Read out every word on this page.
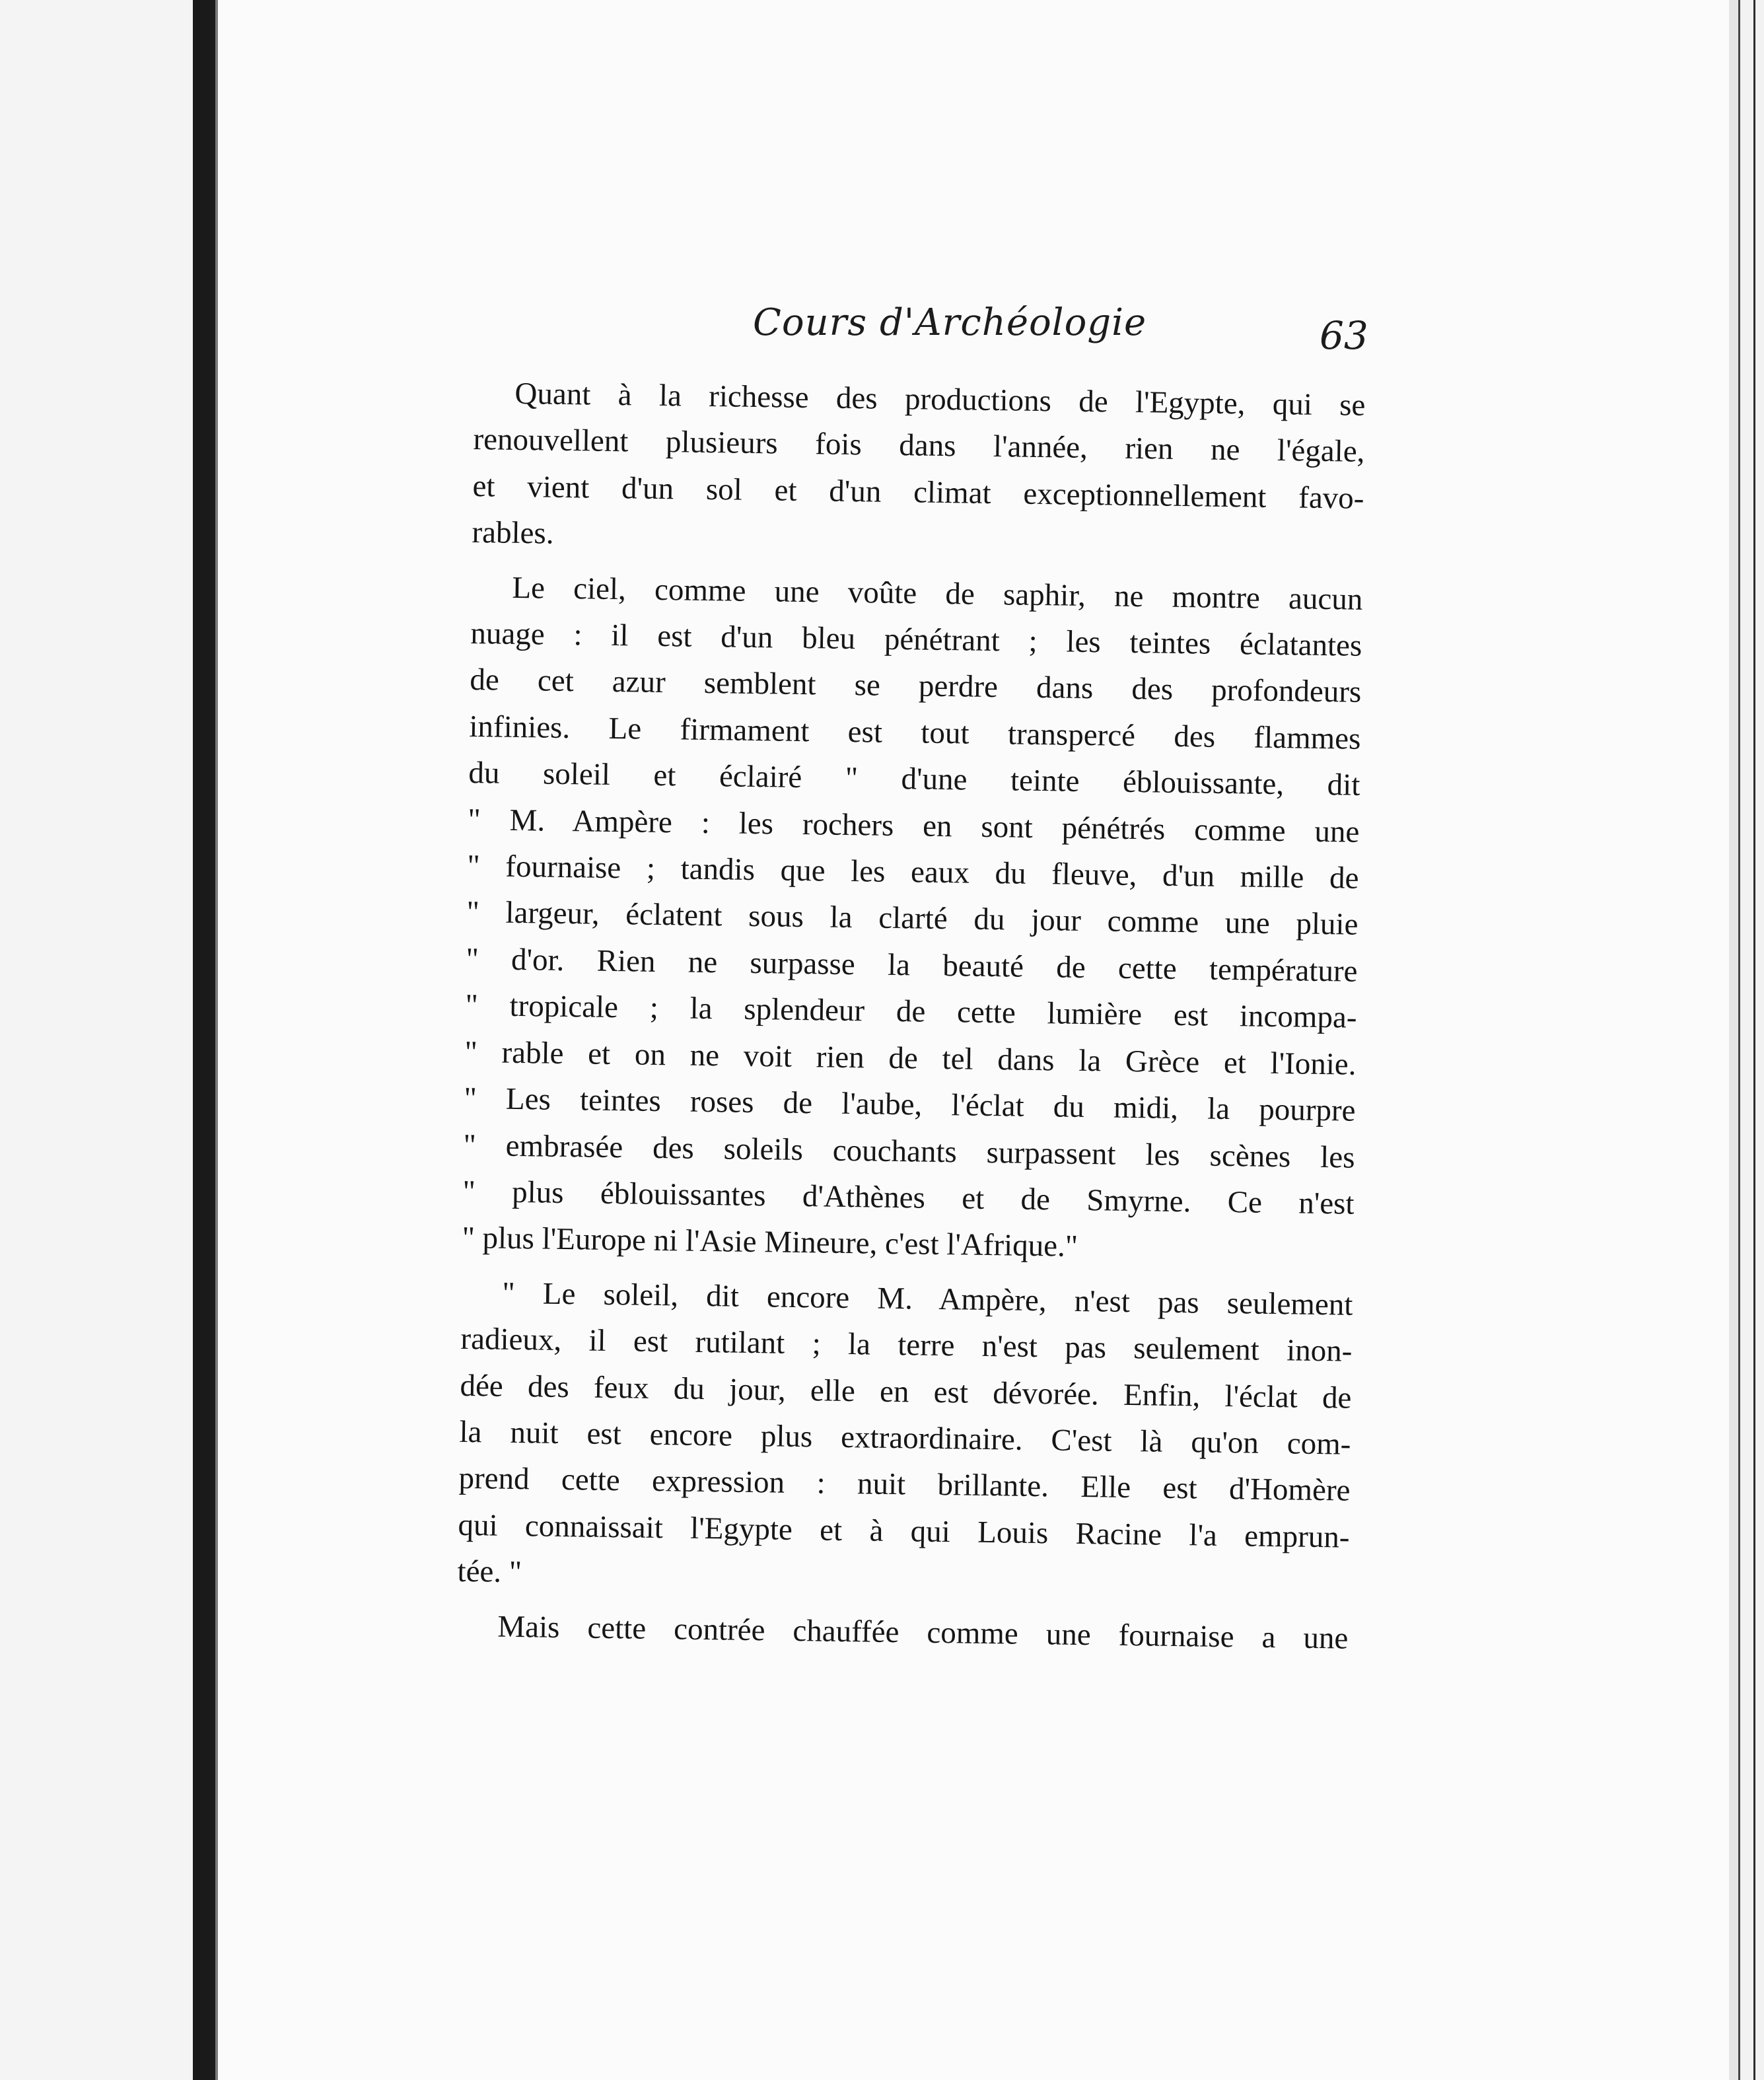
Cours d'Archéologie	63
Quant à la richesse des productions de l'Egypte, qui se
renouvellent plusieurs fois dans l'année, rien ne l'égale,
et vient d'un sol et d'un climat exceptionnellement favo-
rables.
Le ciel, comme une voûte de saphir, ne montre aucun
nuage : il est d'un bleu pénétrant ; les teintes éclatantes
de cet azur semblent se perdre dans des profondeurs
infinies. Le firmament est tout transpercé des flammes
du soleil et éclairé " d'une teinte éblouissante, dit
" M. Ampère : les rochers en sont pénétrés comme une
" fournaise ; tandis que les eaux du fleuve, d'un mille de
" largeur, éclatent sous la clarté du jour comme une pluie
" d'or. Rien ne surpasse la beauté de cette température
" tropicale ; la splendeur de cette lumière est incompa-
" rable et on ne voit rien de tel dans la Grèce et l'Ionie.
" Les teintes roses de l'aube, l'éclat du midi, la pourpre
" embrasée des soleils couchants surpassent les scènes les
" plus éblouissantes d'Athènes et de Smyrne. Ce n'est
" plus l'Europe ni l'Asie Mineure, c'est l'Afrique."
" Le soleil, dit encore M. Ampère, n'est pas seulement
radieux, il est rutilant ; la terre n'est pas seulement inon-
dée des feux du jour, elle en est dévorée. Enfin, l'éclat de
la nuit est encore plus extraordinaire. C'est là qu'on com-
prend cette expression : nuit brillante. Elle est d'Homère
qui connaissait l'Egypte et à qui Louis Racine l'a emprun-
tée. "
Mais cette contrée chauffée comme une fournaise a une
